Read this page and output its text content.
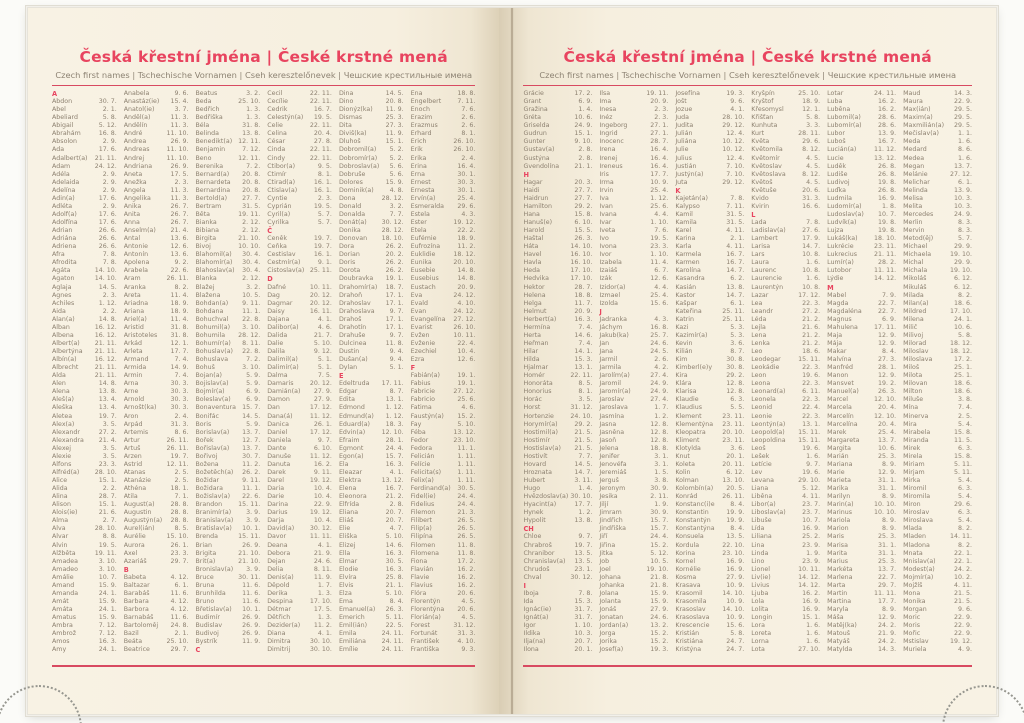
Česká křestní jména | České krstné mená
Czech first names | Tschechische Vornamen | Cseh keresztelőnevek | Чешские крестильные имена
A
Abdon	30. 7.
Ábel	2. 1.
Abeliard	5. 8.
Abigail	5. 12.
Abrahám	16. 8.
Absolon	2. 9.
Ada	17. 6.
Adalbert(a) 21. 11.
Adam	24. 12.
Adéla	2. 9.
Adelaida	2. 9.
Adelína	2. 9.
Adin(a)	17. 6.
Adléta	2. 9.
Adolf(a)	17. 6.
Adolfína	17. 6.
Adrian	26. 6.
Adriána	26. 6.
Adriena	26. 6.
Afra	7. 8.
Afrodita	7. 8.
Agáta	14. 10.
Agaton	14. 10.
Aglaja	14. 5.
Agnes	2. 3.
Achiles	1. 12.
Aida	2. 2.
Alan(a)	14. 8.
Alban	16. 12.
Albena	16. 12.
Albert(a) 21. 11.
Albertýna 21. 11.
Albín(a)	16. 12.
Albrecht	21. 11.
Alda	21. 11.
Alen	14. 8.
Alena	13. 8.
Aleš(a)	13. 4.
Aleška	13. 4.
Aletea	19. 7.
Alex(a)	3. 5.
Alexandr	27. 2.
Alexandra 21. 4.
Alexej	3. 5.
Alexie	3. 5.
Alfons	23. 3.
Alfréd(a) 28. 10.
Alice	15. 1.
Alida	2. 2.
Alina	28. 7.
Alison	15. 1.
Alois(ie)	21. 6.
Alma	2. 7.
Alva	28. 10.
Alvar	8. 8.
Alvin	19. 5.
Alžběta	19. 11.
Amadea	3. 10.
Amadeo	3. 10.
Amálie	10. 7.
Amand	15. 9.
Amanda	24. 1.
Amát	15. 9.
Amáta	24. 1.
Amatus	15. 9.
Ambra	7. 12.
Ambrož	7. 12.
Ámos	16. 3.
Amy	24. 1.
Anabela	9. 6.
Anastáz(ie) 15. 4.
Anatol(ie)	3. 7.
Anděl(a)	11. 3.
Andělín	11. 3.
André	11. 10.
Andrea	26. 9.
Andreas	11. 10.
Andrej	11. 10.
Andriana	26. 9.
Aneta	17. 5.
Anežka	2. 3.
Angela	11. 3.
Angelika	11. 3.
Anika	26. 7.
Anita	26. 7.
Anna	26. 7.
Anselm(a) 21. 4.
Antal	13. 6.
Antonie	12. 6.
Antonín	13. 6.
Apolena	9. 2.
Arabela	22. 6.
Aram	26. 11.
Aranka	8. 2.
Areta	11. 4.
Ariadna	18. 9.
Ariana	18. 9.
Ariel(a)	11. 4.
Aristid	31. 8.
Aristoteles 31. 8.
Arkád	12. 1.
Arleta	17. 7.
Armand	7. 4.
Armida	14. 9.
Armin	7. 4.
Arna	30. 3.
Arne	30. 3.
Arnold	30. 3.
Arnošt(ka) 30. 3.
Áron	2. 4.
Arpád	31. 3.
Artemis	8. 6.
Artur	26. 11.
Artuš	26. 11.
Arzen	19. 7.
Astrid	12. 11.
Atanas	2. 5.
Atanázie	2. 5.
Athéna	18. 1.
Atila	7. 1.
August(a)	28. 8.
Augustin	28. 8.
Augustýn(a) 28. 8.
Aurel(ián)	8. 5.
Aurélie	15. 10.
Aurora	26. 1.
Axel	23. 3.
Azariáš	29. 7.
B
Babeta	4. 12.
Baltazar	6. 1.
Barabáš	11. 6.
Barbara	4. 12.
Barbora	4. 12.
Barnabáš	11. 6.
Bartoloměj 24. 8.
Bazil	2. 1.
Beáta	25. 10.
Beatrice	29. 7.
Beatus	3. 2.
Beda	25. 10.
Bedřich	1. 3.
Bedřiška	1. 3.
Béla	31. 8.
Belinda	13. 8.
Benedikt(a) 12. 11.
Benjamin	7. 12.
Beno	12. 11.
Berenika	7. 2.
Bernard(a) 20. 8.
Bernardeta 20. 8.
Bernardina 20. 8.
Bertold(a) 27. 7.
Bertram	31. 5.
Běta	19. 11.
Bianka	2. 12.
Bibiana	2. 12.
Birgita	21. 10.
Bivoj	10. 10.
Blahomil(a) 30. 4.
Blahomír(a) 30. 4.
Blahoslav(a) 30. 4.
Blanka	2. 12.
Blažej	3. 2.
Blažena	10. 5.
Bohdan(a) 9. 11.
Bohdana	11. 1.
Bohuchval 22. 8.
Bohumil(a) 3. 10.
Bohumila 28. 12.
Bohumír(a) 8. 11.
Bohuslav(a) 22. 8.
Bohuslava	7. 2.
Bohuš	3. 10.
Bojan(a)	5. 9.
Bojislav(a)	5. 9.
Bojmír(a)	6. 9.
Boleslav(a) 6. 9.
Bonaventura 15. 7.
Bonifác	14. 5.
Boris	5. 9.
Borislav(a) 13. 7.
Bořek	12. 7.
Bořislav(a) 13. 7.
Bořivoj	30. 7.
Božena	11. 2.
Božetěch(a) 26. 2.
Božidar	9. 11.
Božidara	11. 1.
Božislav(a) 22. 6.
Brandon	15. 11.
Branimír(a) 3. 9.
Branislav(a) 3. 9.
Bratislav(a) 10. 1.
Brenda	15. 11.
Brian	26. 9.
Brigita	21. 10.
Brit(a)	21. 10.
Bronislav(a) 3. 9.
Bruce	30. 11.
Bruna	11. 6.
Brunhilda	11. 6.
Bruno	11. 6.
Břetislav(a) 10. 1.
Budimír	26. 9.
Budislav	26. 9.
Budivoj	26. 9.
Bystrík	11. 9.
C
Cecil	22. 11.
Cecílie	22. 11.
Cedrik	16. 7.
Celestýn(a) 19. 5.
Celie	22. 11.
Celina	20. 4.
César	27. 8.
Cinda	22. 11.
Cindy	22. 11.
Ctibor(a)	9. 5.
Ctimír	8. 1.
Ctirad(a)	16. 1.
Ctislav(a)	16. 1.
Cyntie	2. 3.
Cyprián	19. 5.
Cyril(a)	5. 7.
Cyrilka	5. 7.
Č
Čeněk	19. 7.
Čeňka	19. 7.
Čestislav	16. 1.
Čestmír(a)	9. 1.
Čistoslav(a) 25. 11.
D
Dafné	10. 11.
Dag	20. 12.
Dagmar	20. 12.
Daisy	16. 11.
Dajana	4. 1.
Dalibor(a)	4. 6.
Dalida	21. 7.
Dalie	5. 10.
Dalila	9. 12.
Dalimil(a)	5. 1.
Dalimír(a)	5. 1.
Dalma	7. 5.
Damaris	20. 12.
Damián(a) 27. 9.
Damon	27. 9.
Dan	17. 12.
Dana(á)	11. 12.
Danica	26. 1.
Daniel	17. 12.
Daniela	9. 7.
Dante	6. 10.
Danuše	11. 12.
Danuta	16. 2.
Darek	9. 11.
Darel	19. 12.
Daria	10. 4.
Darie	10. 4.
Darina	22. 9.
Darius	19. 12.
Darja	10. 4.
David(a)	30. 12.
Davor	11. 11.
Deana	4. 1.
Debora	21. 9.
Dejan	24. 6.
Delia	8. 11.
Denis(a)	11. 9.
Děpold	1. 7.
Derika	1. 3.
Despina	17. 10.
Détmar	17. 5.
Dětřich	1. 3.
Dezider(a) 11. 2.
Diana	4. 1.
Dimitra	30. 10.
Dimitrij	30. 10.
Dina	14. 5.
Dino	20. 8.
Dionýz(ka) 11. 9.
Dismas	25. 3.
Dita	27. 3.
Diviš(ka)	11. 9.
Dluhoš	15. 1.
Dobromil(a) 5. 2.
Dobromír(a) 5. 2.
Dobroslav(a) 5. 6.
Dobruše	5. 6.
Dolores	15. 9.
Dominik(a)	4. 8.
Dona	28. 12.
Donald	3. 2.
Donalda	7. 7.
Donát(a) 30. 12.
Donika	28. 12.
Donovan 18. 10.
Dora	26. 2.
Dorian	20. 2.
Doris	26. 2.
Dorota	26. 2.
Doubravka 19. 1.
Drahomír(a) 18. 7.
Drahoň	17. 1.
Drahoslav 17. 1.
Drahoslava 9. 7.
Drahoš	17. 1.
Drahotín	17. 1.
Drahuše	9. 7.
Dulcinea	11. 8.
Dustin	9. 4.
Dušan(a)	9. 4.
Dylan	5. 1.
E
Edeltruda 17. 11.
Edgar	8. 7.
Edita	13. 1.
Edmond	1. 12.
Edmund(a) 1. 12.
Eduard(a) 18. 3.
Edvin(a)	12. 10.
Efraim	28. 1.
Egmont	24. 4.
Egon(a)	15. 7.
Ela	16. 3.
Eleazar	4. 1.
Elektra	13. 12.
Elena	16. 7.
Eleonora	21. 2.
Elfrída	2. 8.
Eliana	20. 7.
Eliáš	20. 7.
Elie	4. 7.
Eliška	5. 10.
Elizej	14. 6.
Ella	16. 3.
Elmar	30. 5.
Elodie	16. 3.
Elvíra	25. 8.
Elvis	21. 1.
Elza	5. 10.
Ema	8. 4.
Emanuel(a) 26. 3.
Emerich	5. 11.
Emil(ián)	22. 5.
Emila	24. 11.
Emiliána 24. 11.
Emílie	24. 11.
Ena	18. 8.
Engelbert	7. 11.
Enoch	7. 6.
Erazim	2. 6.
Erazmus	2. 6.
Erhard	8. 1.
Erich	26. 10.
Erik	26. 10.
Erika	2. 4.
Erina	16. 4.
Erna	30. 1.
Ernest	30. 3.
Ernesta	30. 1.
Ervín(a)	25. 4.
Esmeralda 29. 6.
Estela	4. 3.
Ester	19. 12.
Etela	22. 2.
Eufémie	18. 9.
Eufrozína	11. 2.
Euklidie	18. 12.
Eunika	20. 10.
Eusebie	14. 8.
Eusebius	14. 8.
Eustach	20. 9.
Eva	24. 12.
Evald	4. 10.
Evan	24. 12.
Evangelína 27. 12.
Evarist	26. 10.
Evžen	10. 11.
Evženie	22. 4.
Ezechiel	10. 4.
Ezra	12. 6.
F
Fabián(a)	19. 1.
Fabius	19. 1.
Fabricie	27. 12.
Fabricio	25. 6.
Fatima	4. 6.
Faustýn(a) 15. 2.
Fay	5. 10.
Féba	13. 12.
Fedor	23. 10.
Fedora	11. 1.
Felicián	1. 11.
Felície	1. 11.
Felicita(s)	1. 11.
Felix(a)	1. 11.
Ferdinand(a) 30. 5.
Fidel(ie)	24. 4.
Fidelius	24. 4.
Filemon	21. 3.
Filibert	26. 5.
Filip(a)	26. 5.
Filipína	26. 5.
Filomen	11. 8.
Filomena	11. 8.
Fiona	17. 2.
Flavián	16. 2.
Flavie	16. 2.
Flavius	16. 2.
Flóra	20. 6.
Florentýn	4. 5.
Florentýna 20. 6.
Florián(a)	4. 5.
Forest	31. 12.
Fortunát	31. 3.
František	4. 10.
Františka	9. 3.
Česká křestní jména | České krstné mená
Czech first names | Tschechische Vornamen | Cseh keresztelőnevek | Чешские крестильные имена
Grácie	17. 2.
Grant	6. 9.
Gražina	1. 4.
Gréta	10. 6.
Griselda	24. 9.
Gudrun	15. 1.
Gunter	9. 10.
Gustav(a)	2. 8.
Gustýna	2. 8.
Gvendolína 21. 1.
H
Hagar	20. 3.
Haidi	27. 7.
Haidrun	27. 7.
Hamilton	29. 2.
Hana	15. 8.
Hanuš(e)	6. 10.
Harold	15. 5.
Haštal	26. 3.
Háta	14. 10.
Havel	16. 10.
Havla	16. 10.
Heda	17. 10.
Hedvika	17. 10.
Hektor	28. 7.
Helena	18. 8.
Helga	11. 7.
Helmut	20. 9.
Herbert(a)	16. 3.
Hermína	7. 4.
Herta	14. 6.
Heřman	7. 4.
Hilar	14. 1.
Hilda	15. 3.
Hjalmar	13. 1.
Homér	22. 11.
Honoráta	8. 5.
Honorius	8. 1.
Horác	3. 5.
Horst	31. 12.
Hortenzie	24. 10.
Horymír(a)	29. 2.
Hostimil(a)	21. 5.
Hostimír	21. 5.
Hostislav(a) 21. 5.
Hostivít	7. 7.
Hovard	14. 5.
Hroznata	14. 7.
Hubert	3. 11.
Hugo	1. 4.
Hvězdoslav(a) 30. 10.
Hyacint(a)	17. 7.
Hynek	1. 2.
Hypolit	13. 8.
CH
Chloe	9. 7.
Chrabroš	19. 7.
Chranibor	13. 5.
Chranislav(a) 13. 5.
Chrudoš	23. 1.
Chval	30. 12.
I
Iboja	7. 8.
Ida	15. 3.
Ignác(ie)	31. 7.
Ignát(a)	31. 7.
Igor	1. 10.
Ildika	10. 3.
Ilja(na)	20. 7.
Ilona	20. 1.
Ilsa	19. 11.
Ima	20. 9.
Inesa	2. 3.
Inéz	2. 3.
Ingeborg	27. 1.
Ingrid	27. 1.
Inocenc	28. 7.
Irena	16. 4.
Irenej	16. 4.
Ireneus	16. 4.
Iris	17. 7.
Irma	10. 9.
Irvin	25. 4.
Iva	1. 12.
Ivan	25. 6.
Ivana	4. 4.
Ivar	1. 10.
Iveta	7. 6.
Ivo	19. 5.
Ivona	23. 3.
Ivor	1. 10.
Izabela	11. 4.
Izaiáš	6. 7.
Izák	12. 6.
Izidor(a)	4. 4.
Izmael	25. 4.
Izolda	15. 6.
J
Jadranka	4. 3.
Jáchym	16. 8.
Jakub(ka)	25. 7.
Jan	24. 6.
Jana	24. 5.
Jarmil	2. 6.
Jarmila	4. 2.
Jarolím(a)	27. 4.
Jaromil	24. 9.
Jaromír(a)	24. 9.
Jaroslav	27. 4.
Jaroslava	1. 7.
Jasmína	1. 2.
Jasna	12. 8.
Jasněna	12. 8.
Jasoň	12. 8.
Jelena	18. 8.
Jenifer	3. 1.
Jenovéfa	3. 1.
Jeremiáš	1. 5.
Jerguš	3. 8.
Jeronym	30. 9.
Jesika	2. 11.
Jiljí	1. 9.
Jimram	30. 9.
Jindřich	15. 7.
Jindřiška	15. 7.
Jiří	24. 4.
Jiřina	15. 2.
Jitka	5. 12.
Job	10. 5.
Joel	19. 10.
Johana	21. 8.
Johanka	21. 8.
Jolana	15. 9.
Jolanta	15. 9.
Jonáš	27. 9.
Jonatan	24. 6.
Jordan(a)	13. 2.
Jorga	15. 2.
Jorika	15. 2.
Josef(a)	19. 3.
Josefína	19. 3.
Jošt	9. 6.
Jozue	4. 1.
Juda	28. 10.
Judita	29. 12.
Julián	12. 4.
Juliána	10. 12.
Julie	10. 12.
Julius	12. 4.
Justián	7. 10.
Justýn(a)	7. 10.
Juta	29. 12.
K
Kajetán(a)	7. 8.
Kalypso	7. 11.
Kamil	31. 5.
Kamila	31. 5.
Karel	4. 11.
Karina	2. 1.
Karla	4. 11.
Karmela	16. 7.
Karmen	16. 7.
Karolína	14. 7.
Kasandra	6. 2.
Kasián	13. 8.
Kastor	14. 7.
Kašpar	6. 1.
Kateřina	25. 11.
Katrin	25. 11.
Kazi	5. 3.
Kazimír(a)	5. 3.
Kevin	3. 6.
Kilián	8. 7.
Kim	30. 8.
Kimberl(e)y 30. 8.
Kira	29. 2.
Klára	12. 8.
Klarisa	12. 8.
Klaudie	6. 3.
Klaudius	5. 5.
Klement	23. 11.
Klementýna 23. 11.
Kleopatra	20. 10.
Kliment	23. 11.
Klotylda	3. 6.
Knut	20. 1.
Koleta	20. 11.
Kolin	6. 12.
Kolman	13. 10.
Kolombín(a) 20. 5.
Konrád	26. 11.
Konstanc(i)e 8. 4.
Konstantin	19. 9.
Konstantýn 19. 9.
Konstantýna 8. 4.
Konsuela	13. 5.
Kordula	22. 10.
Korina	23. 10.
Kornel	16. 9.
Kornélie	16. 9.
Kosma	27. 9.
Krasava	10. 9.
Krasomil	14. 10.
Krasomila	10. 9.
Krasoslav	14. 10.
Krasoslava	10. 9.
Krescencie	15. 6.
Kristián	5. 8.
Kristiána	24. 7.
Kristýna	24. 7.
Kryšpín	25. 10.
Kryštof	18. 9.
Křesomysl	12. 1.
Křišťan	5. 8.
Kunhuta	3. 3.
Kurt	28. 11.
Květa	29. 6.
Květomila	8. 12.
Květomír	4. 5.
Květoslav	4. 5.
Květoslava	8. 12.
Květoš	4. 5.
Květuše	20. 6.
Kvido	31. 3.
Kvirin	16. 6.
L
Lada	7. 8.
Ladislav(a)	27. 6.
Lambert	17. 9.
Larisa	14. 7.
Lars	10. 8.
Laura	1. 6.
Laurenc	10. 8.
Laurencie	1. 6.
Laurentýn	10. 8.
Lazar	17. 12.
Lea	22. 3.
Leandr	27. 2.
Léda	21. 2.
Lejla	21. 6.
Lena	21. 2.
Lenka	21. 2.
Leo	18. 6.
Leodegar	15. 11.
Leokádie	22. 3.
Leon	19. 6.
Leona	22. 3.
Leonard(a)	6. 11.
Leonela	22. 3.
Leonid	22. 4.
Leonie	22. 3.
Leontýn(a)	13. 1.
Leopold(a) 15. 11.
Leopoldina 15. 11.
Leoš	19. 6.
Lešek	1. 6.
Letície	9. 7.
Lev	19. 6.
Levana	29. 10.
Liana	5. 12.
Liběna	4. 11.
Libor(a)	23. 7.
Liboslav(a)	23. 7.
Libuše	10. 7.
Lída	16. 9.
Liliana	25. 2.
Lina	23. 9.
Linda	1. 9.
Lino	23. 9.
Lionel	10. 11.
Liv(ie)	14. 12.
Livius	14. 12.
Ljuba	16. 2.
Lola	16. 9.
Lolita	16. 9.
Longin	15. 1.
Lora	1. 6.
Loreta	1. 6.
Lorna	1. 6.
Lota	27. 10.
Lotar	24. 11.
Luba	16. 2.
Luběna	16. 2.
Lubomil(a)	28. 6.
Lubomír(a)	28. 6.
Lubor	13. 9.
Luboš	16. 7.
Lucián(a)	11. 12.
Lucie	13. 12.
Luděk	26. 8.
Ludiše	26. 8.
Ludivoj	19. 8.
Luďka	26. 8.
Ludmila	16. 9.
Ludomír(a)	1. 8.
Ludoslav(a) 10. 7.
Ludvík(a)	19. 8.
Lujza	19. 8.
Lukáš(ka)	18. 10.
Lukrécie	23. 11.
Lukrecius	21. 11.
Lumír(a)	28. 2.
Lutobor	11. 11.
Lýdie	14. 12.
M
Mabel	7. 9.
Magda	22. 7.
Magdaléna	22. 7.
Magnus	6. 9.
Mahulena	17. 11.
Maja	12. 9.
Mája	12. 9.
Makar	8. 4.
Malvína	27. 3.
Manfréd	28. 1.
Manon	12. 9.
Mansvet	19. 2.
Manuel(a)	26. 3.
Marcel	12. 10.
Marcela	20. 4.
Marcelín	12. 10.
Marcelína	20. 4.
Marek	25. 4.
Margareta	13. 7.
Margita	10. 6.
Marián	25. 3.
Mariana	8. 9.
Marie	12. 9.
Marieta	31. 1.
Marika	31. 1.
Marilyn	8. 9.
Marin(a)	10. 10.
Marinus	10. 10.
Mariola	8. 9.
Marion	8. 9.
Maris	25. 3.
Marisa	31. 1.
Marita	31. 1.
Marius	25. 3.
Markéta	13. 7.
Marlena	22. 7.
Marta	29. 7.
Martin	11. 11.
Martina	17. 7.
Maryla	8. 9.
Máša	12. 9.
Matěj(ka)	24. 2.
Matouš	21. 9.
Matyáš	24. 2.
Matylda	14. 3.
Maud	14. 3.
Maura	22. 9.
Max(ián)	29. 5.
Maxim(a)	29. 5.
Maxmilián(a) 29. 5.
Mečislav(a)	1. 1.
Meda	1. 6.
Medard	8. 6.
Medea	1. 6.
Megan	13. 7.
Melánie	27. 12.
Melichar	6. 1.
Melinda	13. 9.
Melisa	10. 3.
Melita	10. 3.
Mercedes	24. 9.
Merlin	8. 3.
Mervin	8. 3.
Metod(ěj)	5. 7.
Michael	29. 9.
Michaela	19. 10.
Michal	29. 9.
Michala	19. 10.
Mikoláš	6. 12.
Mikuláš	6. 12.
Milada	8. 2.
Milan(a)	18. 6.
Mildred	17. 10.
Milena	24. 1.
Milič	10. 6.
Milivoj	5. 8.
Milorad	18. 12.
Miloslav	18. 12.
Miloslava	17. 2.
Miloš	25. 1.
Milota	25. 1.
Milovan	18. 6.
Milton	18. 6.
Miluše	3. 8.
Mína	7. 4.
Minerva	2. 5.
Mira	5. 4.
Mirabela	15. 8.
Miranda	11. 5.
Mirek	6. 3.
Mirela	15. 8.
Miriam	5. 11.
Mirjam	5. 11.
Mirka	5. 4.
Miromil	6. 3.
Miromila	5. 4.
Miron	29. 6.
Miroslav	6. 3.
Miroslava	5. 4.
Mlada	8. 2.
Mladen	14. 11.
Mladona	8. 2.
Mnata	22. 1.
Mnislav(a)	22. 1.
Modest(a)	24. 2.
Mojmír(a)	10. 2.
Mojžíš	4. 11.
Mona	21. 5.
Monika	21. 5.
Morgan	9. 6.
Moric	22. 9.
Moris	22. 9.
Mořic	22. 9.
Mstislav	19. 12.
Muriela	4. 9.
